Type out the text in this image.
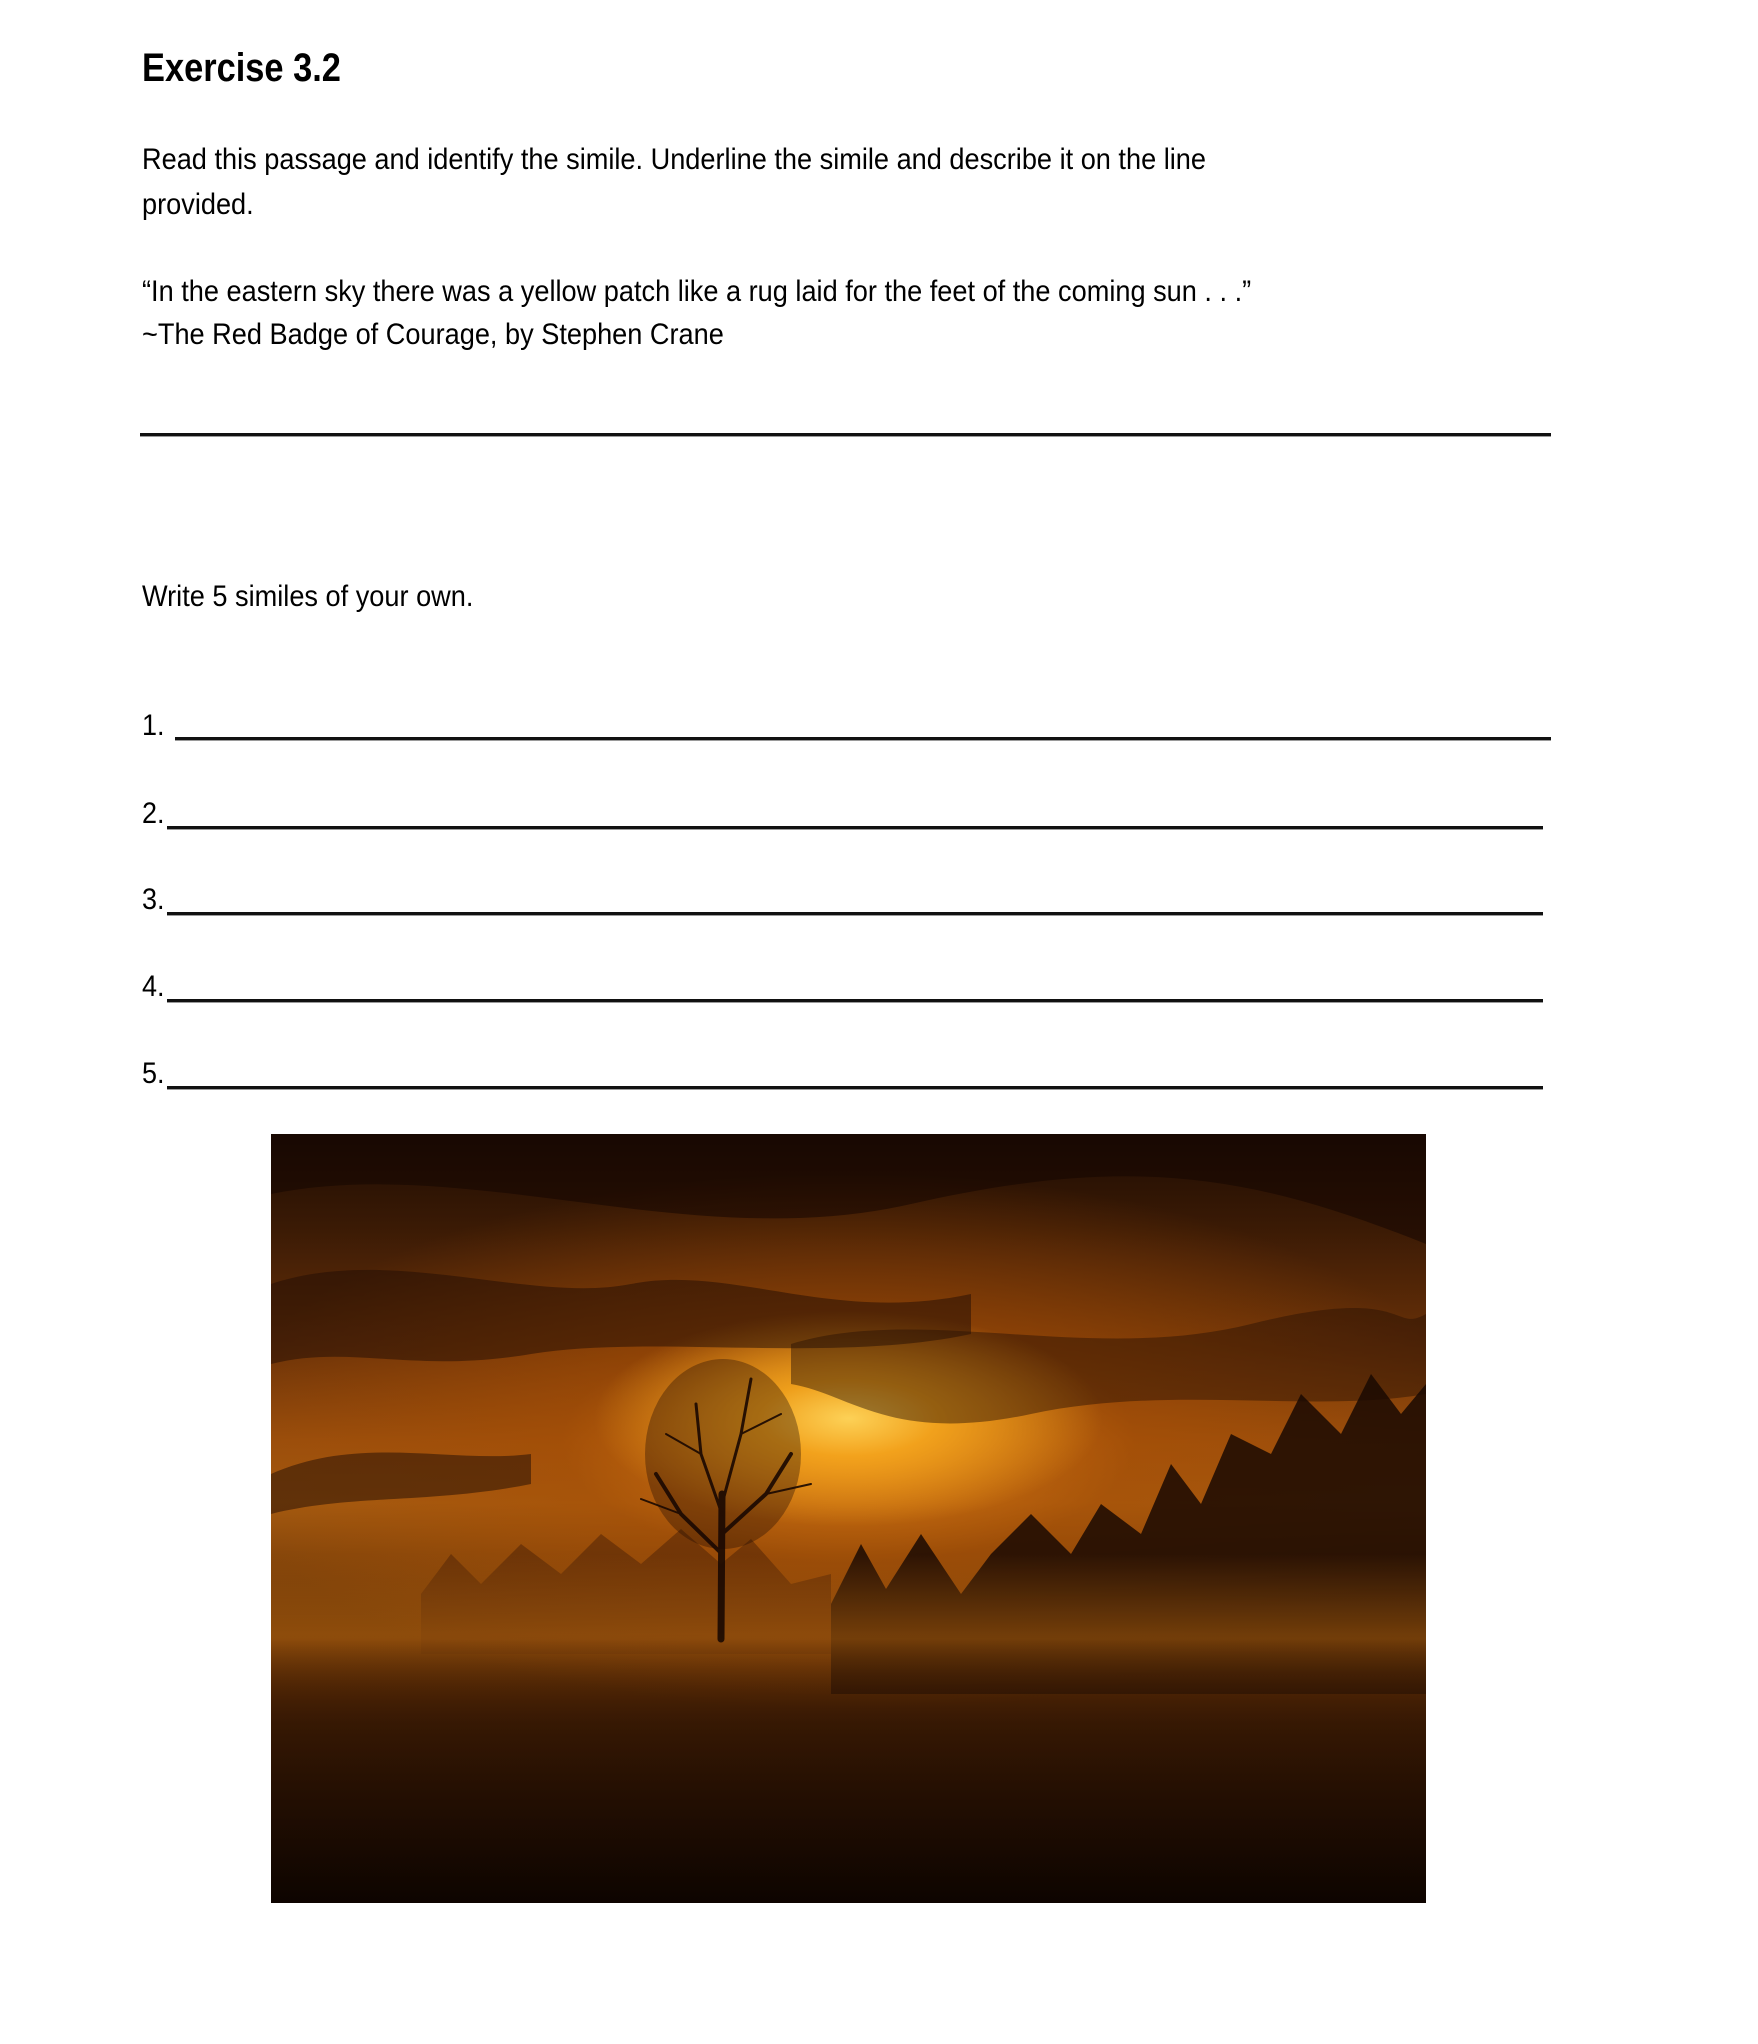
Exercise 3.2
Read this passage and identify the simile. Underline the simile and describe it on the line
provided.
“In the eastern sky there was a yellow patch like a rug laid for the feet of the coming sun . . .”
~The Red Badge of Courage, by Stephen Crane
Write 5 similes of your own.
1.
2.
3.
4.
5.
